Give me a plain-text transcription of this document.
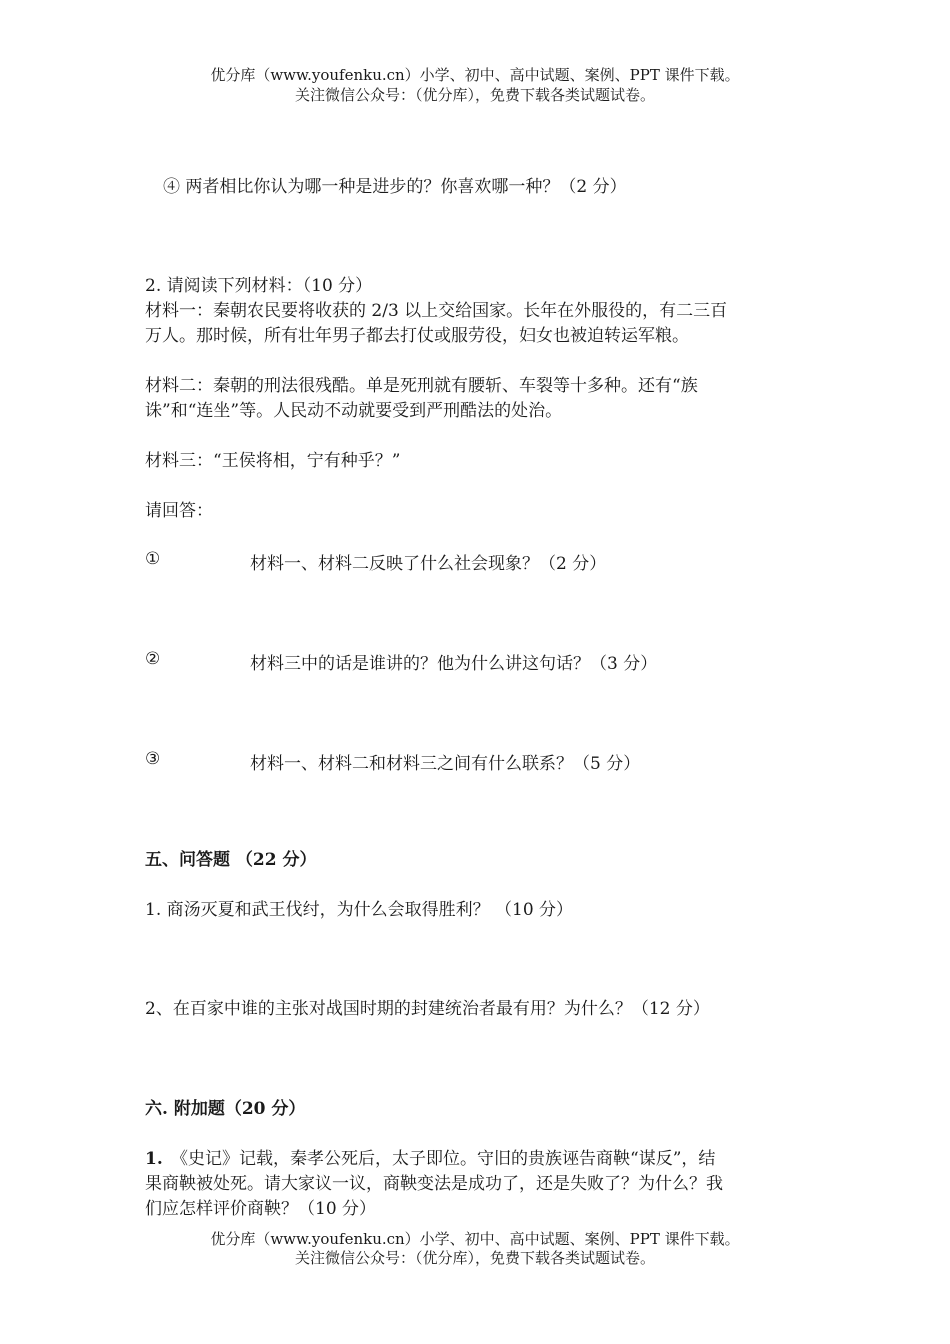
优分库（www.youfenku.cn）小学、初中、高中试题、案例、PPT 课件下载。
关注微信公众号：（优分库），免费下载各类试题试卷。
④ 两者相比你认为哪一种是进步的？你喜欢哪一种？（2 分）
2. 请阅读下列材料：（10 分）
材料一：秦朝农民要将收获的 2/3 以上交给国家。长年在外服役的，有二三百
万人。那时候，所有壮年男子都去打仗或服劳役，妇女也被迫转运军粮。
材料二：秦朝的刑法很残酷。单是死刑就有腰斩、车裂等十多种。还有“族
诛”和“连坐”等。人民动不动就要受到严刑酷法的处治。
材料三：“王侯将相，宁有种乎？”
请回答：
①	材料一、材料二反映了什么社会现象？（2 分）
②	材料三中的话是谁讲的？他为什么讲这句话？（3 分）
③	材料一、材料二和材料三之间有什么联系？（5 分）
五、问答题 （22 分）
1. 商汤灭夏和武王伐纣，为什么会取得胜利？ （10 分）
2、在百家中谁的主张对战国时期的封建统治者最有用？为什么？（12 分）
六. 附加题（20 分）
1. 《史记》记载，秦孝公死后，太子即位。守旧的贵族诬告商鞅“谋反”，结
果商鞅被处死。请大家议一议，商鞅变法是成功了，还是失败了？为什么？我
们应怎样评价商鞅？（10 分）
优分库（www.youfenku.cn）小学、初中、高中试题、案例、PPT 课件下载。
关注微信公众号：（优分库），免费下载各类试题试卷。
